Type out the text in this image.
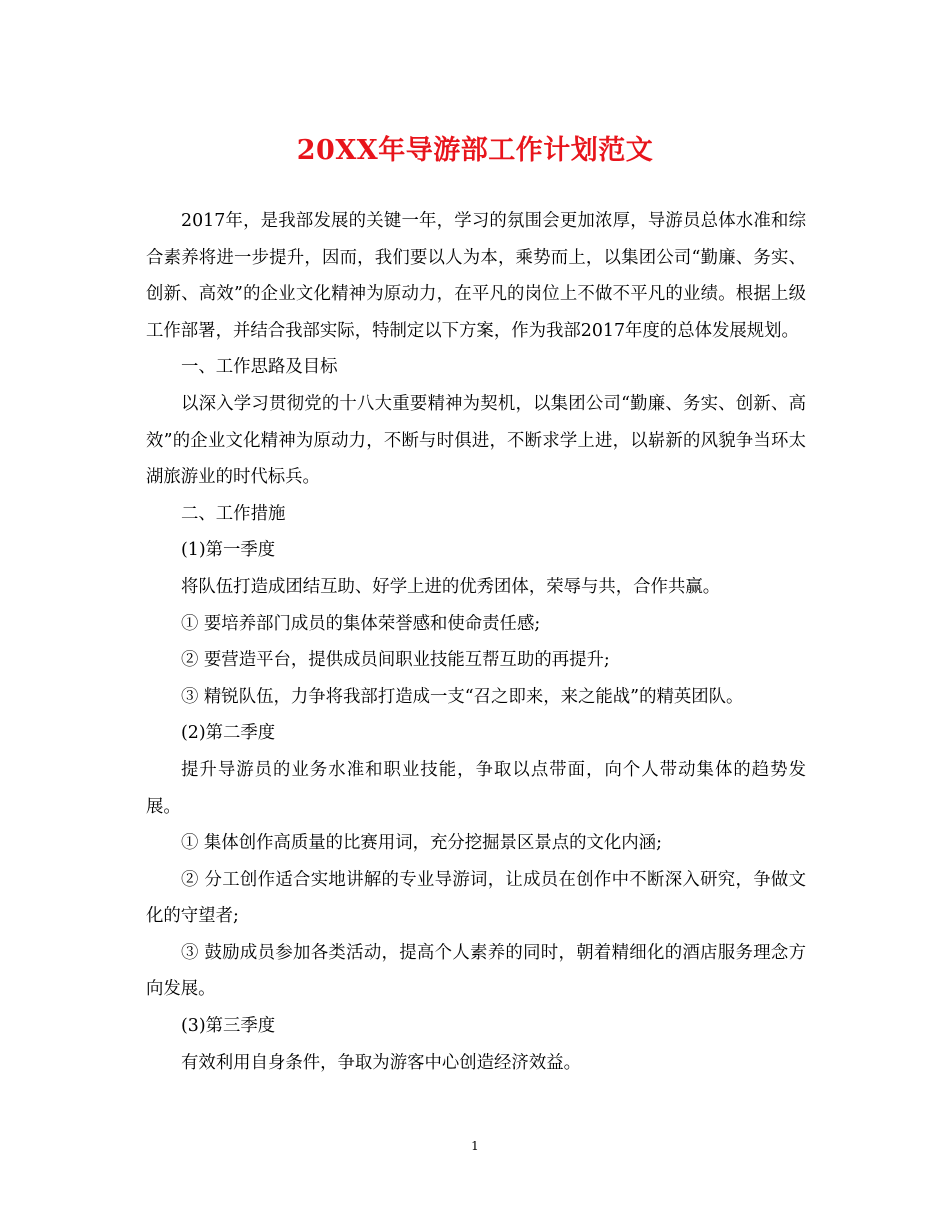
20XX年导游部工作计划范文

2017年，是我部发展的关键一年，学习的氛围会更加浓厚，导游员总体水准和综合素养将进一步提升，因而，我们要以人为本，乘势而上，以集团公司“勤廉、务实、创新、高效”的企业文化精神为原动力，在平凡的岗位上不做不平凡的业绩。根据上级工作部署，并结合我部实际，特制定以下方案，作为我部2017年度的总体发展规划。

一、工作思路及目标

以深入学习贯彻党的十八大重要精神为契机，以集团公司“勤廉、务实、创新、高效”的企业文化精神为原动力，不断与时俱进，不断求学上进，以崭新的风貌争当环太湖旅游业的时代标兵。

二、工作措施

(1)第一季度

将队伍打造成团结互助、好学上进的优秀团体，荣辱与共，合作共赢。

① 要培养部门成员的集体荣誉感和使命责任感;

② 要营造平台，提供成员间职业技能互帮互助的再提升;

③ 精锐队伍，力争将我部打造成一支“召之即来，来之能战”的精英团队。

(2)第二季度

提升导游员的业务水准和职业技能，争取以点带面，向个人带动集体的趋势发展。

① 集体创作高质量的比赛用词，充分挖掘景区景点的文化内涵;

② 分工创作适合实地讲解的专业导游词，让成员在创作中不断深入研究，争做文化的守望者;

③ 鼓励成员参加各类活动，提高个人素养的同时，朝着精细化的酒店服务理念方向发展。

(3)第三季度

有效利用自身条件，争取为游客中心创造经济效益。

1
